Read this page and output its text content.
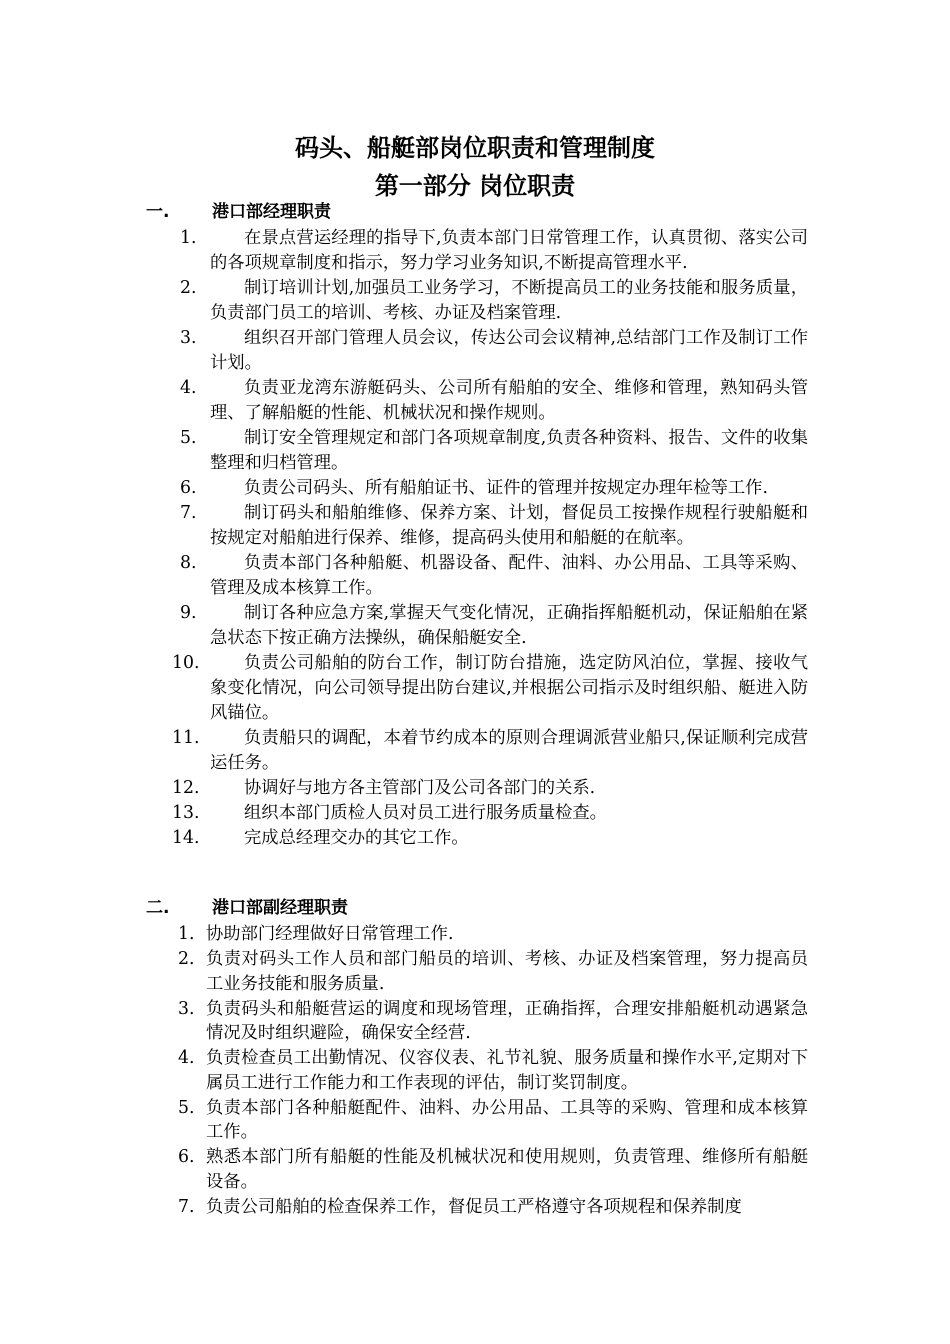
码头、船艇部岗位职责和管理制度
第一部分 岗位职责
一.	港口部经理职责
1.	在景点营运经理的指导下,负责本部门日常管理工作，认真贯彻、落实公司的各项规章制度和指示，努力学习业务知识,不断提高管理水平.
2.	制订培训计划,加强员工业务学习，不断提高员工的业务技能和服务质量，负责部门员工的培训、考核、办证及档案管理.
3.	组织召开部门管理人员会议，传达公司会议精神,总结部门工作及制订工作计划。
4.	负责亚龙湾东游艇码头、公司所有船舶的安全、维修和管理，熟知码头管理、了解船艇的性能、机械状况和操作规则。
5.	制订安全管理规定和部门各项规章制度,负责各种资料、报告、文件的收集整理和归档管理。
6.	负责公司码头、所有船舶证书、证件的管理并按规定办理年检等工作.
7.	制订码头和船舶维修、保养方案、计划，督促员工按操作规程行驶船艇和按规定对船舶进行保养、维修，提高码头使用和船艇的在航率。
8.	负责本部门各种船艇、机器设备、配件、油料、办公用品、工具等采购、管理及成本核算工作。
9.	制订各种应急方案,掌握天气变化情况，正确指挥船艇机动，保证船舶在紧急状态下按正确方法操纵，确保船艇安全.
10.	负责公司船舶的防台工作，制订防台措施，选定防风泊位，掌握、接收气象变化情况，向公司领导提出防台建议,并根据公司指示及时组织船、艇进入防风锚位。
11.	负责船只的调配，本着节约成本的原则合理调派营业船只,保证顺利完成营运任务。
12.	协调好与地方各主管部门及公司各部门的关系.
13.	组织本部门质检人员对员工进行服务质量检查。
14.	完成总经理交办的其它工作。
二.	港口部副经理职责
1. 协助部门经理做好日常管理工作.
2. 负责对码头工作人员和部门船员的培训、考核、办证及档案管理，努力提高员工业务技能和服务质量.
3. 负责码头和船艇营运的调度和现场管理，正确指挥，合理安排船艇机动遇紧急情况及时组织避险，确保安全经营.
4. 负责检查员工出勤情况、仪容仪表、礼节礼貌、服务质量和操作水平,定期对下属员工进行工作能力和工作表现的评估，制订奖罚制度。
5. 负责本部门各种船艇配件、油料、办公用品、工具等的采购、管理和成本核算工作。
6. 熟悉本部门所有船艇的性能及机械状况和使用规则，负责管理、维修所有船艇设备。
7. 负责公司船舶的检查保养工作，督促员工严格遵守各项规程和保养制度
